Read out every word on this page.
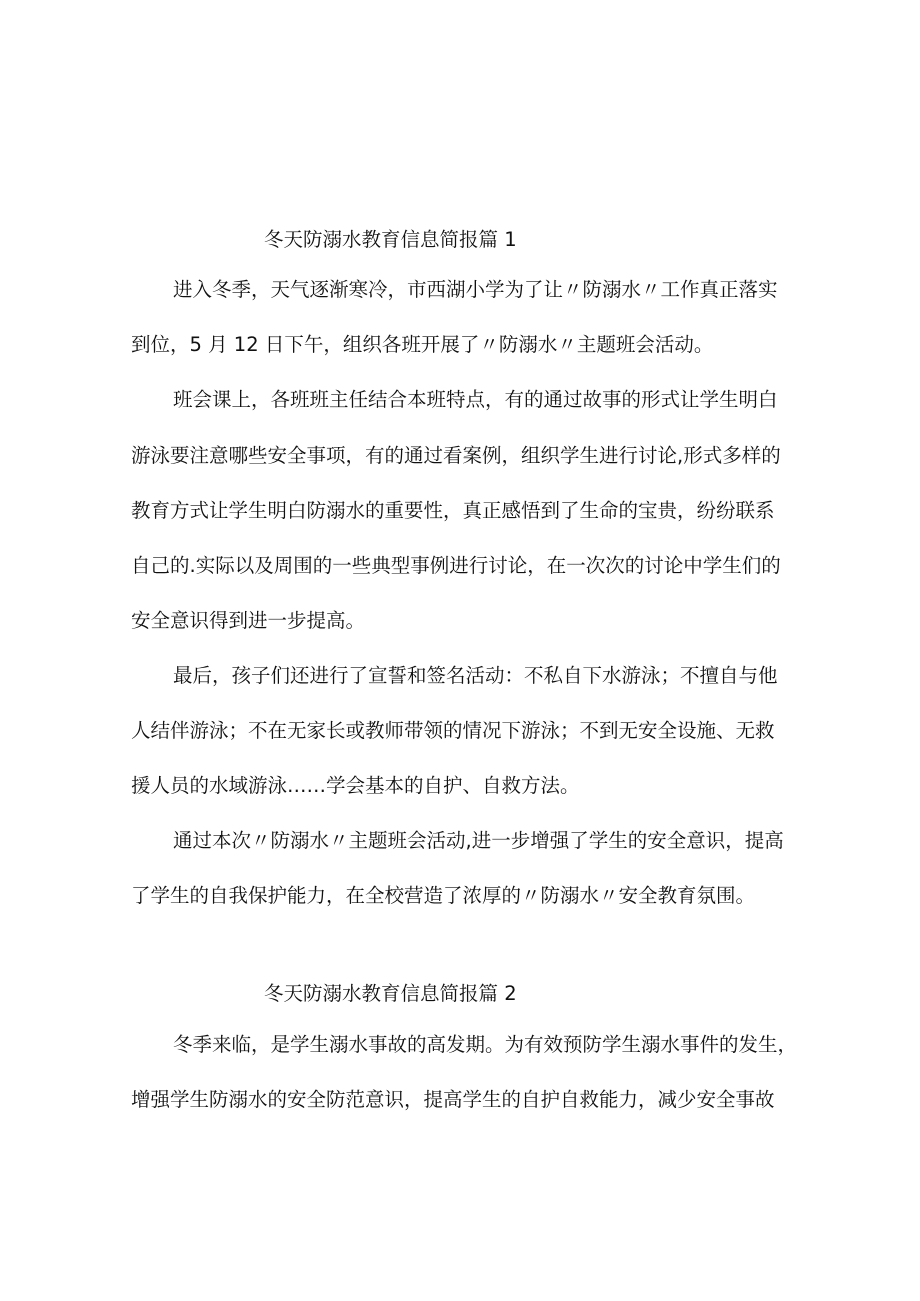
冬天防溺水教育信息简报篇 1
进入冬季，天气逐渐寒冷，市西湖小学为了让〃防溺水〃工作真正落实
到位，5 月 12 日下午，组织各班开展了〃防溺水〃主题班会活动。
班会课上，各班班主任结合本班特点，有的通过故事的形式让学生明白
游泳要注意哪些安全事项，有的通过看案例，组织学生进行讨论,形式多样的
教育方式让学生明白防溺水的重要性，真正感悟到了生命的宝贵，纷纷联系
自己的.实际以及周围的一些典型事例进行讨论，在一次次的讨论中学生们的
安全意识得到进一步提高。
最后，孩子们还进行了宣誓和签名活动：不私自下水游泳；不擅自与他
人结伴游泳；不在无家长或教师带领的情况下游泳；不到无安全设施、无救
援人员的水域游泳……学会基本的自护、自救方法。
通过本次〃防溺水〃主题班会活动,进一步增强了学生的安全意识，提高
了学生的自我保护能力，在全校营造了浓厚的〃防溺水〃安全教育氛围。
冬天防溺水教育信息简报篇 2
冬季来临，是学生溺水事故的高发期。为有效预防学生溺水事件的发生，
增强学生防溺水的安全防范意识，提高学生的自护自救能力，减少安全事故
